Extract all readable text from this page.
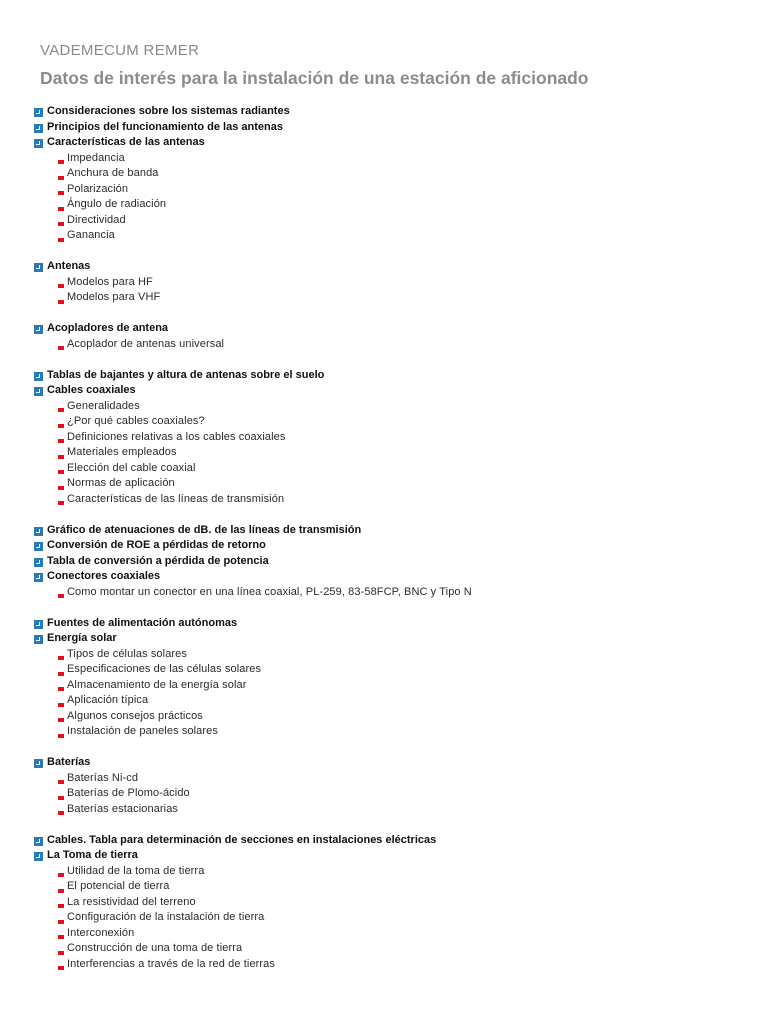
VADEMECUM REMER
Datos de interés para la instalación de una estación de aficionado
Consideraciones sobre los sistemas radiantes
Principios del funcionamiento de las antenas
Características de las antenas
Impedancia
Anchura de banda
Polarización
Ángulo de radiación
Directividad
Ganancia
Antenas
Modelos para HF
Modelos para VHF
Acopladores de antena
Acoplador de antenas universal
Tablas de bajantes y altura de antenas sobre el suelo
Cables coaxiales
Generalidades
¿Por qué cables coaxiales?
Definiciones relativas a los cables coaxiales
Materiales empleados
Elección del cable coaxial
Normas de aplicación
Características de las líneas de transmisión
Gráfico de atenuaciones de dB. de las líneas de transmisión
Conversión de ROE a pérdidas de retorno
Tabla de conversión a pérdida de potencia
Conectores coaxiales
Como montar un conector en una línea coaxial, PL-259, 83-58FCP, BNC y Tipo N
Fuentes de alimentación autónomas
Energía solar
Tipos de células solares
Especificaciones de las células solares
Almacenamiento de la energía solar
Aplicación típica
Algunos consejos prácticos
Instalación de paneles solares
Baterías
Baterías Ni-cd
Baterías de Plomo-ácido
Baterías estacionarias
Cables. Tabla para determinación de secciones en instalaciones eléctricas
La Toma de tierra
Utilidad de la toma de tierra
El potencial de tierra
La resistividad del terreno
Configuración de la instalación de tierra
Interconexión
Construcción de una toma de tierra
Interferencias a través de la red de tierras
